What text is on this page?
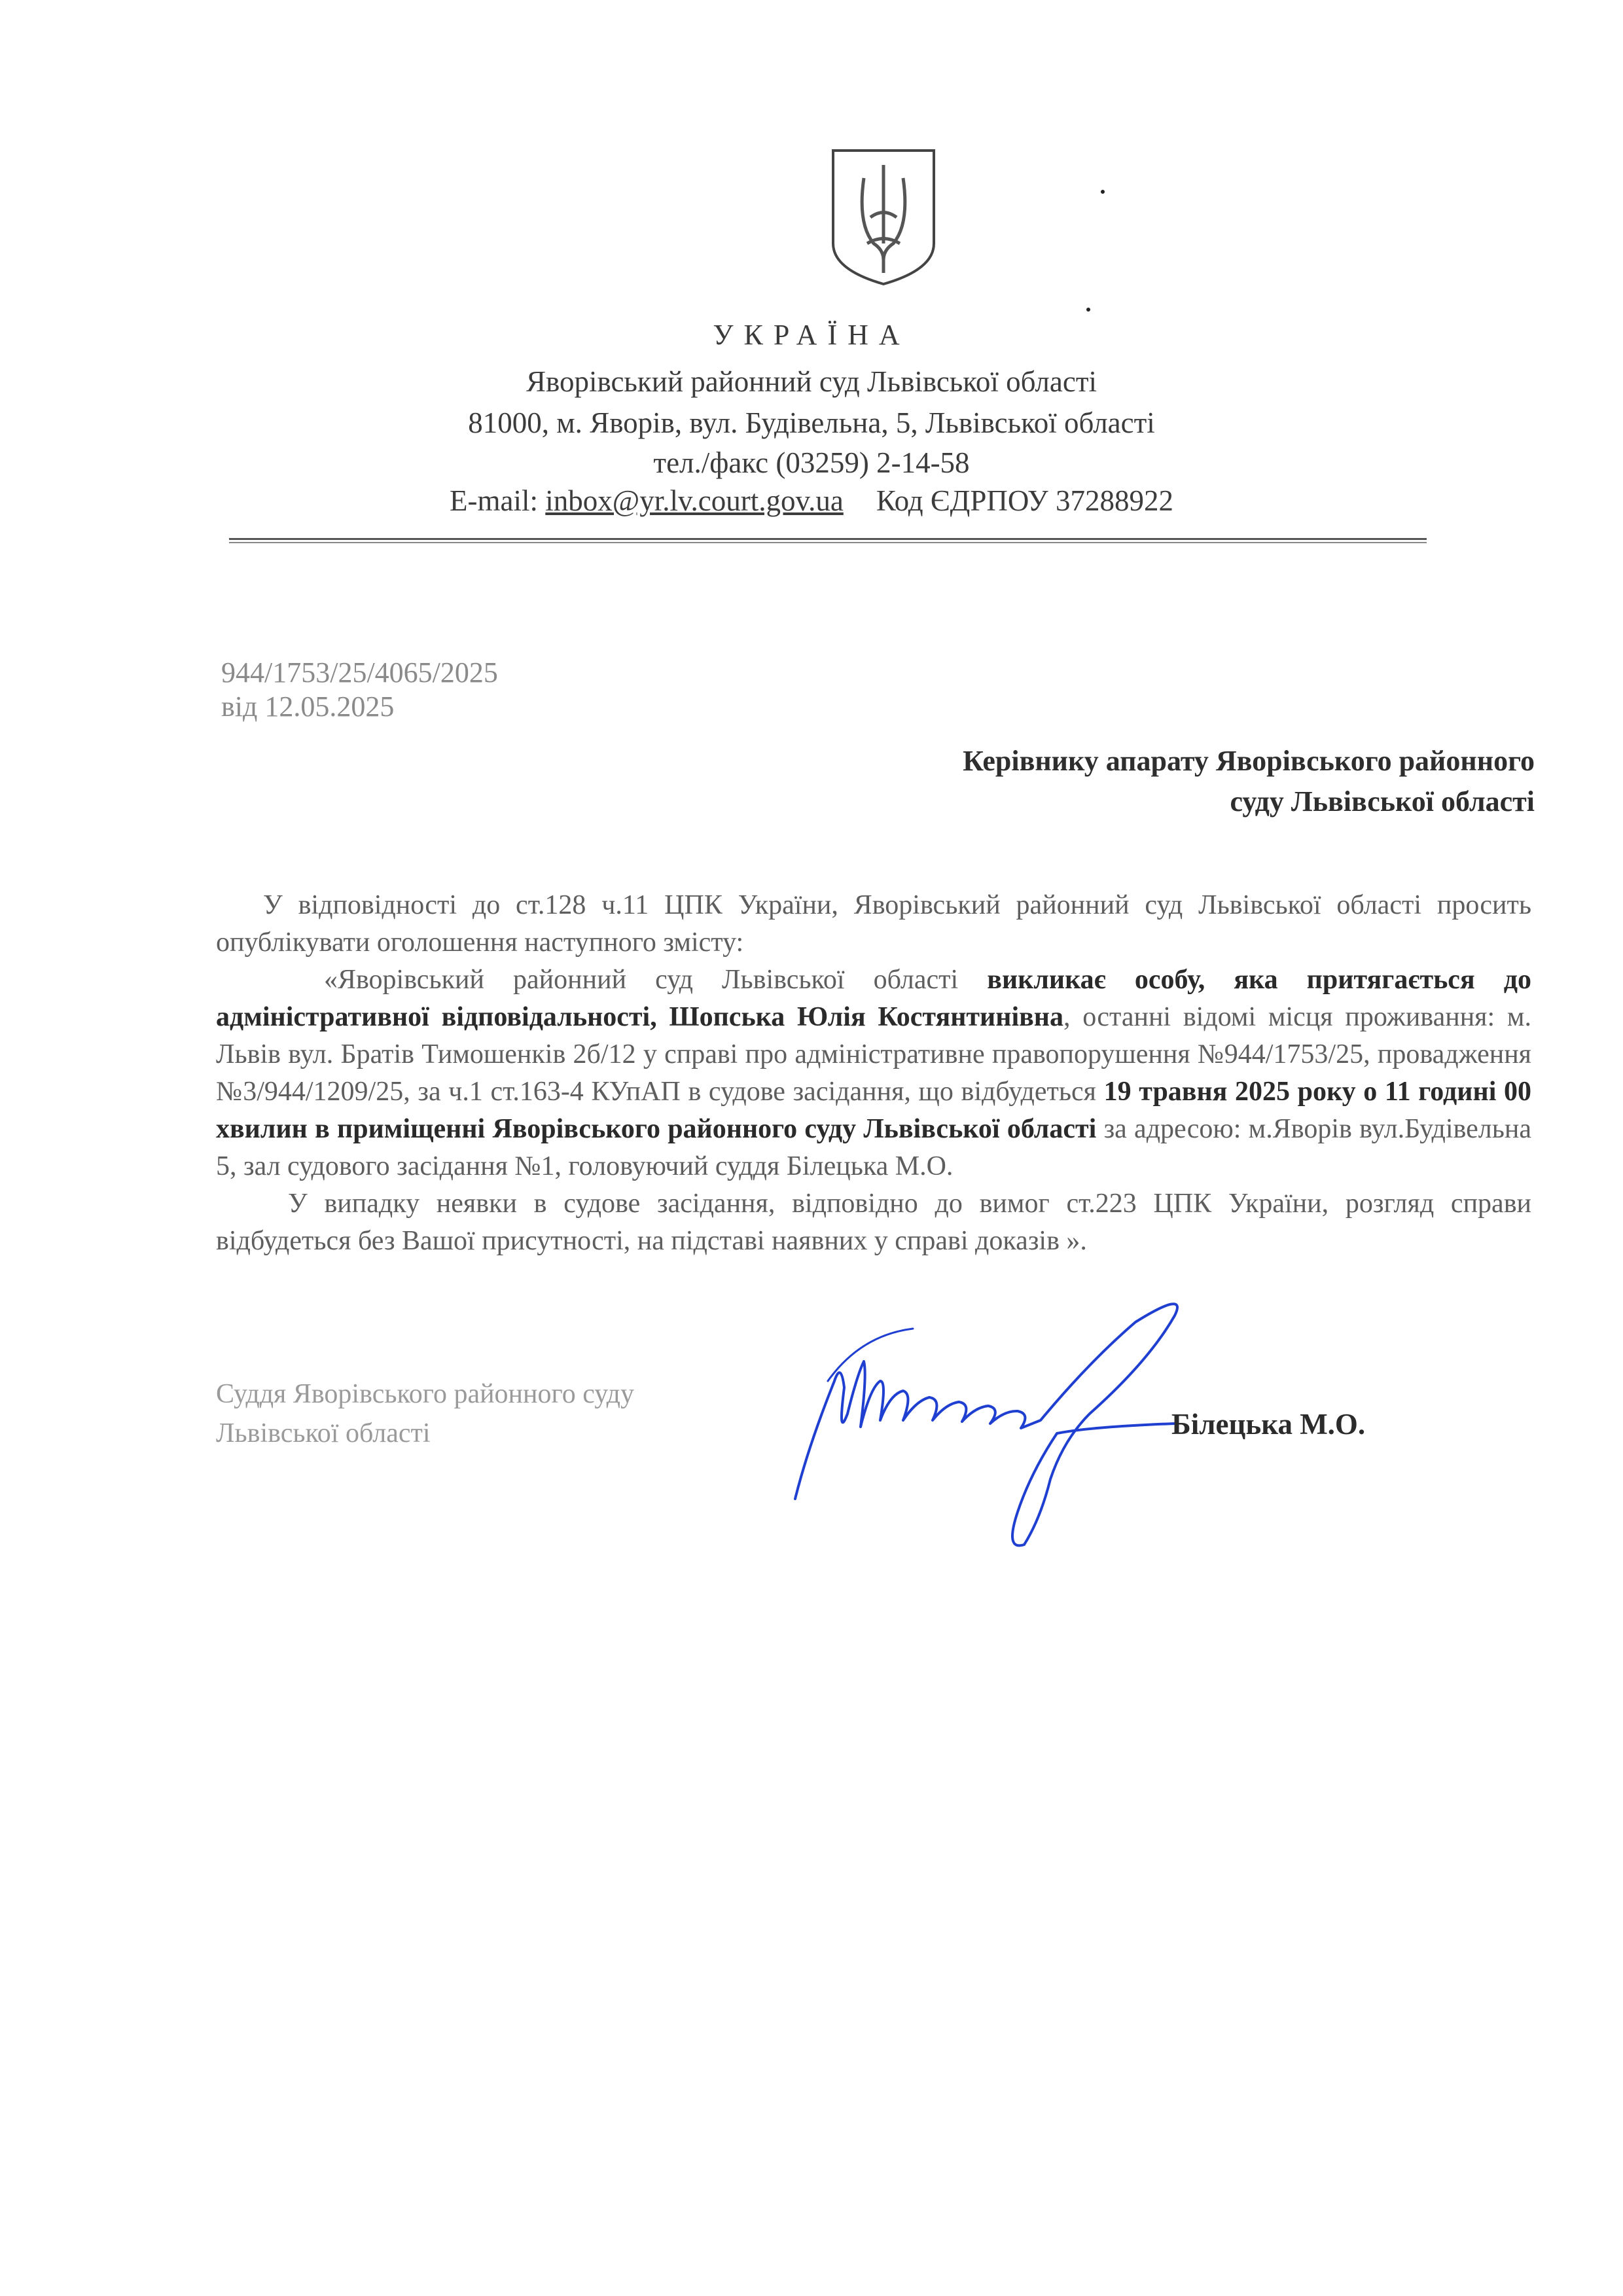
УКРАЇНА
Яворівський районний суд Львівської області
81000, м. Яворів, вул. Будівельна, 5, Львівської області
тел./факс (03259) 2-14-58
E-mail: inbox@yr.lv.court.gov.ua Код ЄДРПОУ 37288922
944/1753/25/4065/2025
від 12.05.2025
Керівнику апарату Яворівського районного
суду Львівської області

У відповідності до ст.128 ч.11 ЦПК України, Яворівський районний суд Львівської області просить опублікувати оголошення наступного змісту:

«Яворівський районний суд Львівської області викликає особу, яка притягається до адміністративної відповідальності, Шопська Юлія Костянтинівна, останні відомі місця проживання: м. Львів вул. Братів Тимошенків 2б/12 у справі про адміністративне правопорушення №944/1753/25, провадження №3/944/1209/25, за ч.1 ст.163-4 КУпАП в судове засідання, що відбудеться 19 травня 2025 року о 11 годині 00 хвилин в приміщенні Яворівського районного суду Львівської області за адресою: м.Яворів вул.Будівельна 5, зал судового засідання №1, головуючий суддя Білецька М.О.

У випадку неявки в судове засідання, відповідно до вимог ст.223 ЦПК України, розгляд справи відбудеться без Вашої присутності, на підставі наявних у справі доказів ».

Суддя Яворівського районного суду
Львівської області	Білецька М.О.
